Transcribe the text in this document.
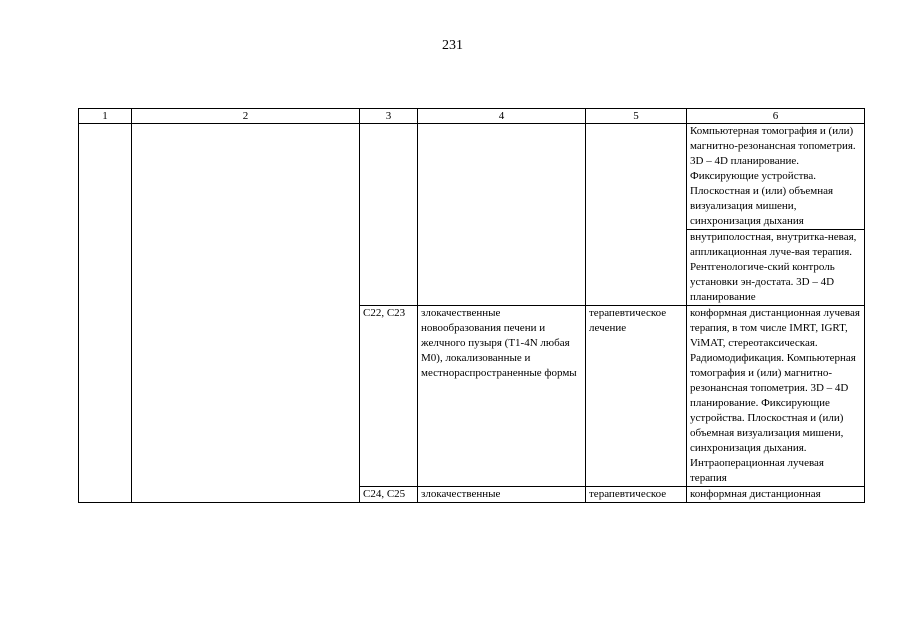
231
1	2	3	4	5	6
					Компьютерная томография и (или) магнитно-резонансная топометрия. 3D – 4D планирование. Фиксирующие устройства. Плоскостная и (или) объемная визуализация мишени, синхронизация дыхания
					внутриполостная, внутритка-невая, аппликационная луче-вая терапия. Рентгенологиче-ский контроль установки эн-достата. 3D – 4D планирование
		C22, C23	злокачественные новообразования печени и желчного пузыря (T1-4N любая M0), локализованные и местнораспространенные формы	терапевтическое лечение	конформная дистанционная лучевая терапия, в том числе IMRT, IGRT, ViMAT, стереотаксическая. Радиомодификация. Компьютерная томография и (или) магнитно-резонансная топометрия. 3D – 4D планирование. Фиксирующие устройства. Плоскостная и (или) объемная визуализация мишени, синхронизация дыхания. Интраоперационная лучевая терапия
		C24, C25	злокачественные	терапевтическое	конформная дистанционная
